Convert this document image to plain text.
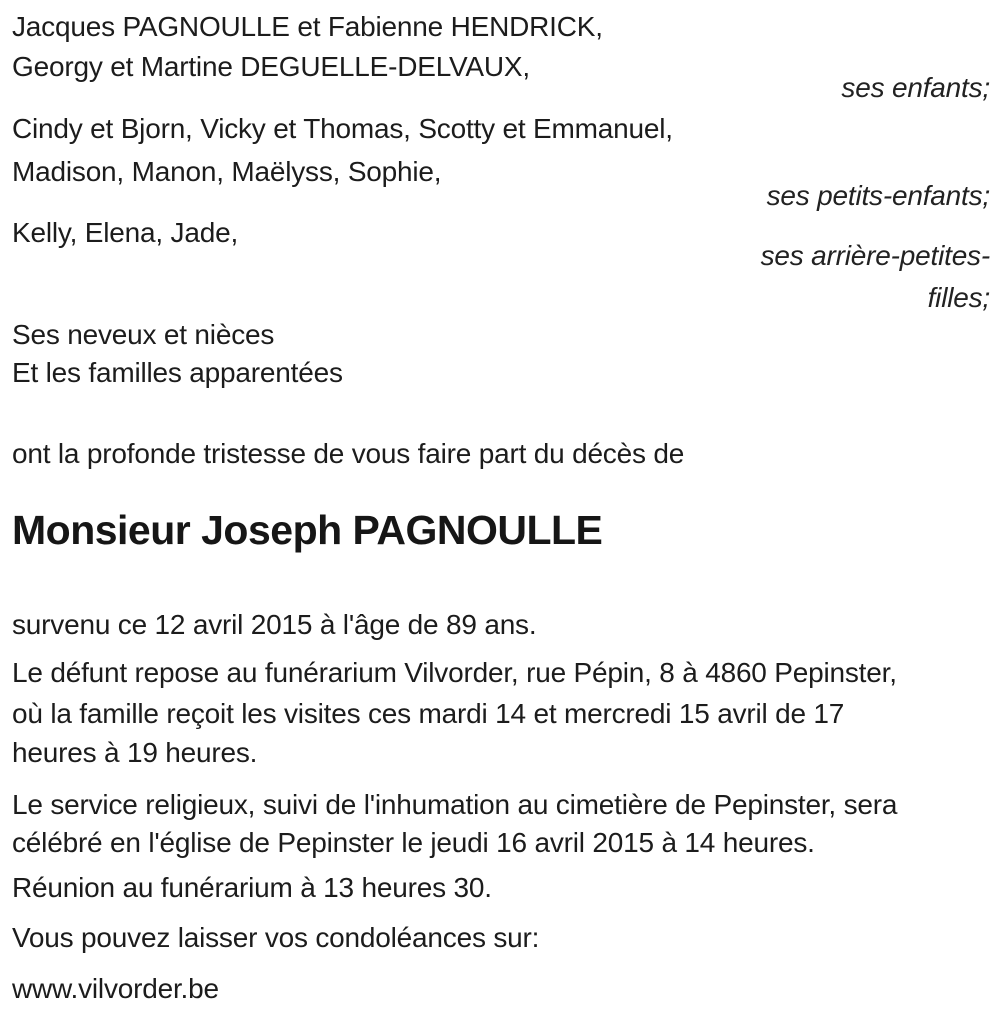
Jacques PAGNOULLE et Fabienne HENDRICK,
Georgy et Martine DEGUELLE-DELVAUX,
ses enfants;
Cindy et Bjorn, Vicky et Thomas, Scotty et Emmanuel,
Madison, Manon, Maëlyss, Sophie,
ses petits-enfants;
Kelly, Elena, Jade,
ses arrière-petites-
filles;
Ses neveux et nièces
Et les familles apparentées
ont la profonde tristesse de vous faire part du décès de
Monsieur Joseph PAGNOULLE
survenu ce 12 avril 2015 à l'âge de 89 ans.
Le défunt repose au funérarium Vilvorder, rue Pépin, 8 à 4860 Pepinster,
où la famille reçoit les visites ces mardi 14 et mercredi 15 avril de 17
heures à 19 heures.
Le service religieux, suivi de l'inhumation au cimetière de Pepinster, sera
célébré en l'église de Pepinster le jeudi 16 avril 2015 à 14 heures.
Réunion au funérarium à 13 heures 30.
Vous pouvez laisser vos condoléances sur:
www.vilvorder.be
